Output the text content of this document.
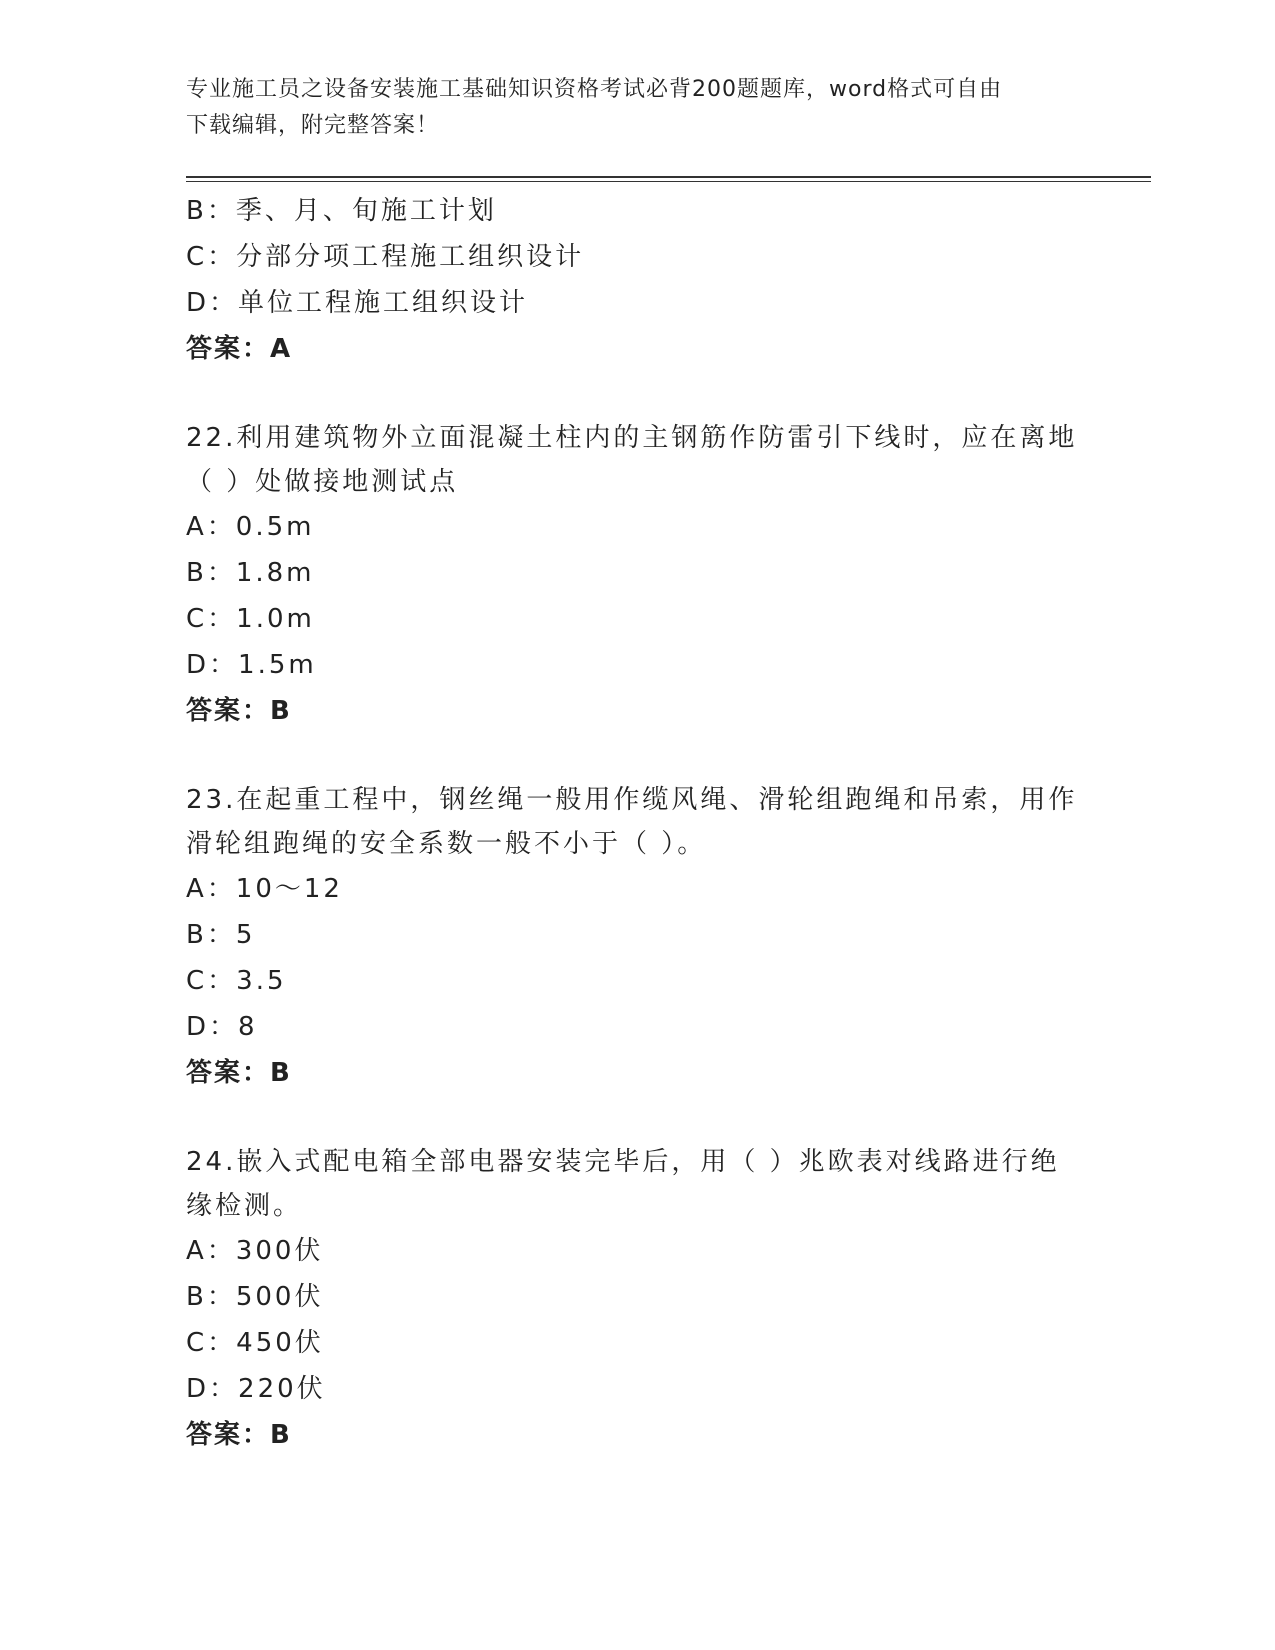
专业施工员之设备安装施工基础知识资格考试必背200题题库，word格式可自由
下载编辑，附完整答案！
B：季、月、旬施工计划
C：分部分项工程施工组织设计
D：单位工程施工组织设计
答案：A
22.利用建筑物外立面混凝土柱内的主钢筋作防雷引下线时，应在离地（ ）处做接地测试点
A：0.5m
B：1.8m
C：1.0m
D：1.5m
答案：B
23.在起重工程中，钢丝绳一般用作缆风绳、滑轮组跑绳和吊索，用作滑轮组跑绳的安全系数一般不小于（ ）。
A：10～12
B：5
C：3.5
D：8
答案：B
24.嵌入式配电箱全部电器安装完毕后，用（ ）兆欧表对线路进行绝缘检测。
A：300伏
B：500伏
C：450伏
D：220伏
答案：B
